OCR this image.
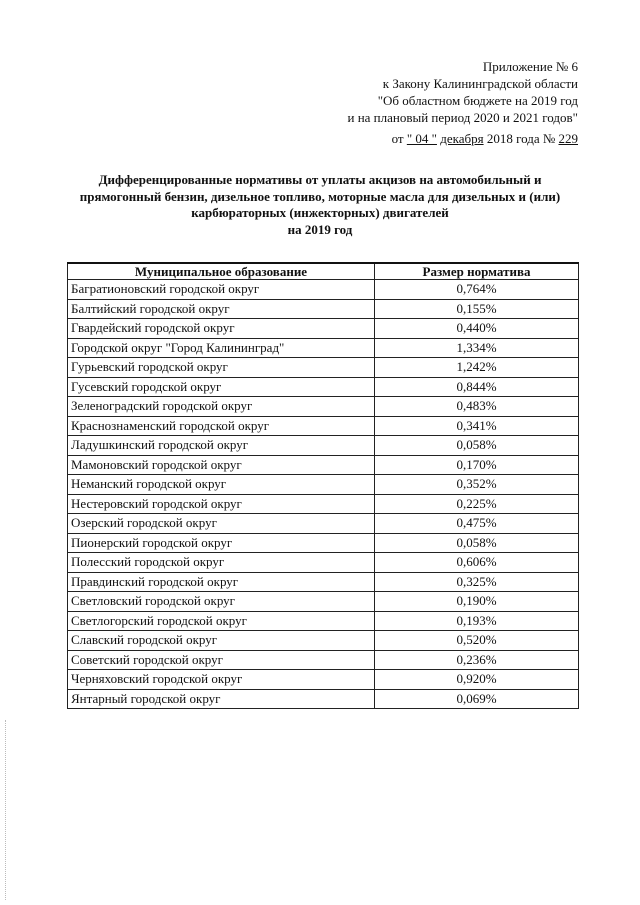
Приложение № 6
к Закону Калининградской области
"Об областном бюджете на 2019 год
и на плановый период 2020 и 2021 годов"
от " 04 " декабря 2018 года № 229
Дифференцированные нормативы от уплаты акцизов на автомобильный и
прямогонный бензин, дизельное топливо, моторные масла для дизельных и (или)
карбюраторных (инжекторных) двигателей
на 2019 год
Муниципальное образование	Размер норматива
Багратионовский городской округ	0,764%
Балтийский городской округ	0,155%
Гвардейский городской округ	0,440%
Городской округ "Город Калининград"	1,334%
Гурьевский городской округ	1,242%
Гусевский городской округ	0,844%
Зеленоградский городской округ	0,483%
Краснознаменский городской округ	0,341%
Ладушкинский городской округ	0,058%
Мамоновский городской округ	0,170%
Неманский городской округ	0,352%
Нестеровский городской округ	0,225%
Озерский городской округ	0,475%
Пионерский городской округ	0,058%
Полесский городской округ	0,606%
Правдинский городской округ	0,325%
Светловский городской округ	0,190%
Светлогорский городской округ	0,193%
Славский городской округ	0,520%
Советский городской округ	0,236%
Черняховский городской округ	0,920%
Янтарный городской округ	0,069%
